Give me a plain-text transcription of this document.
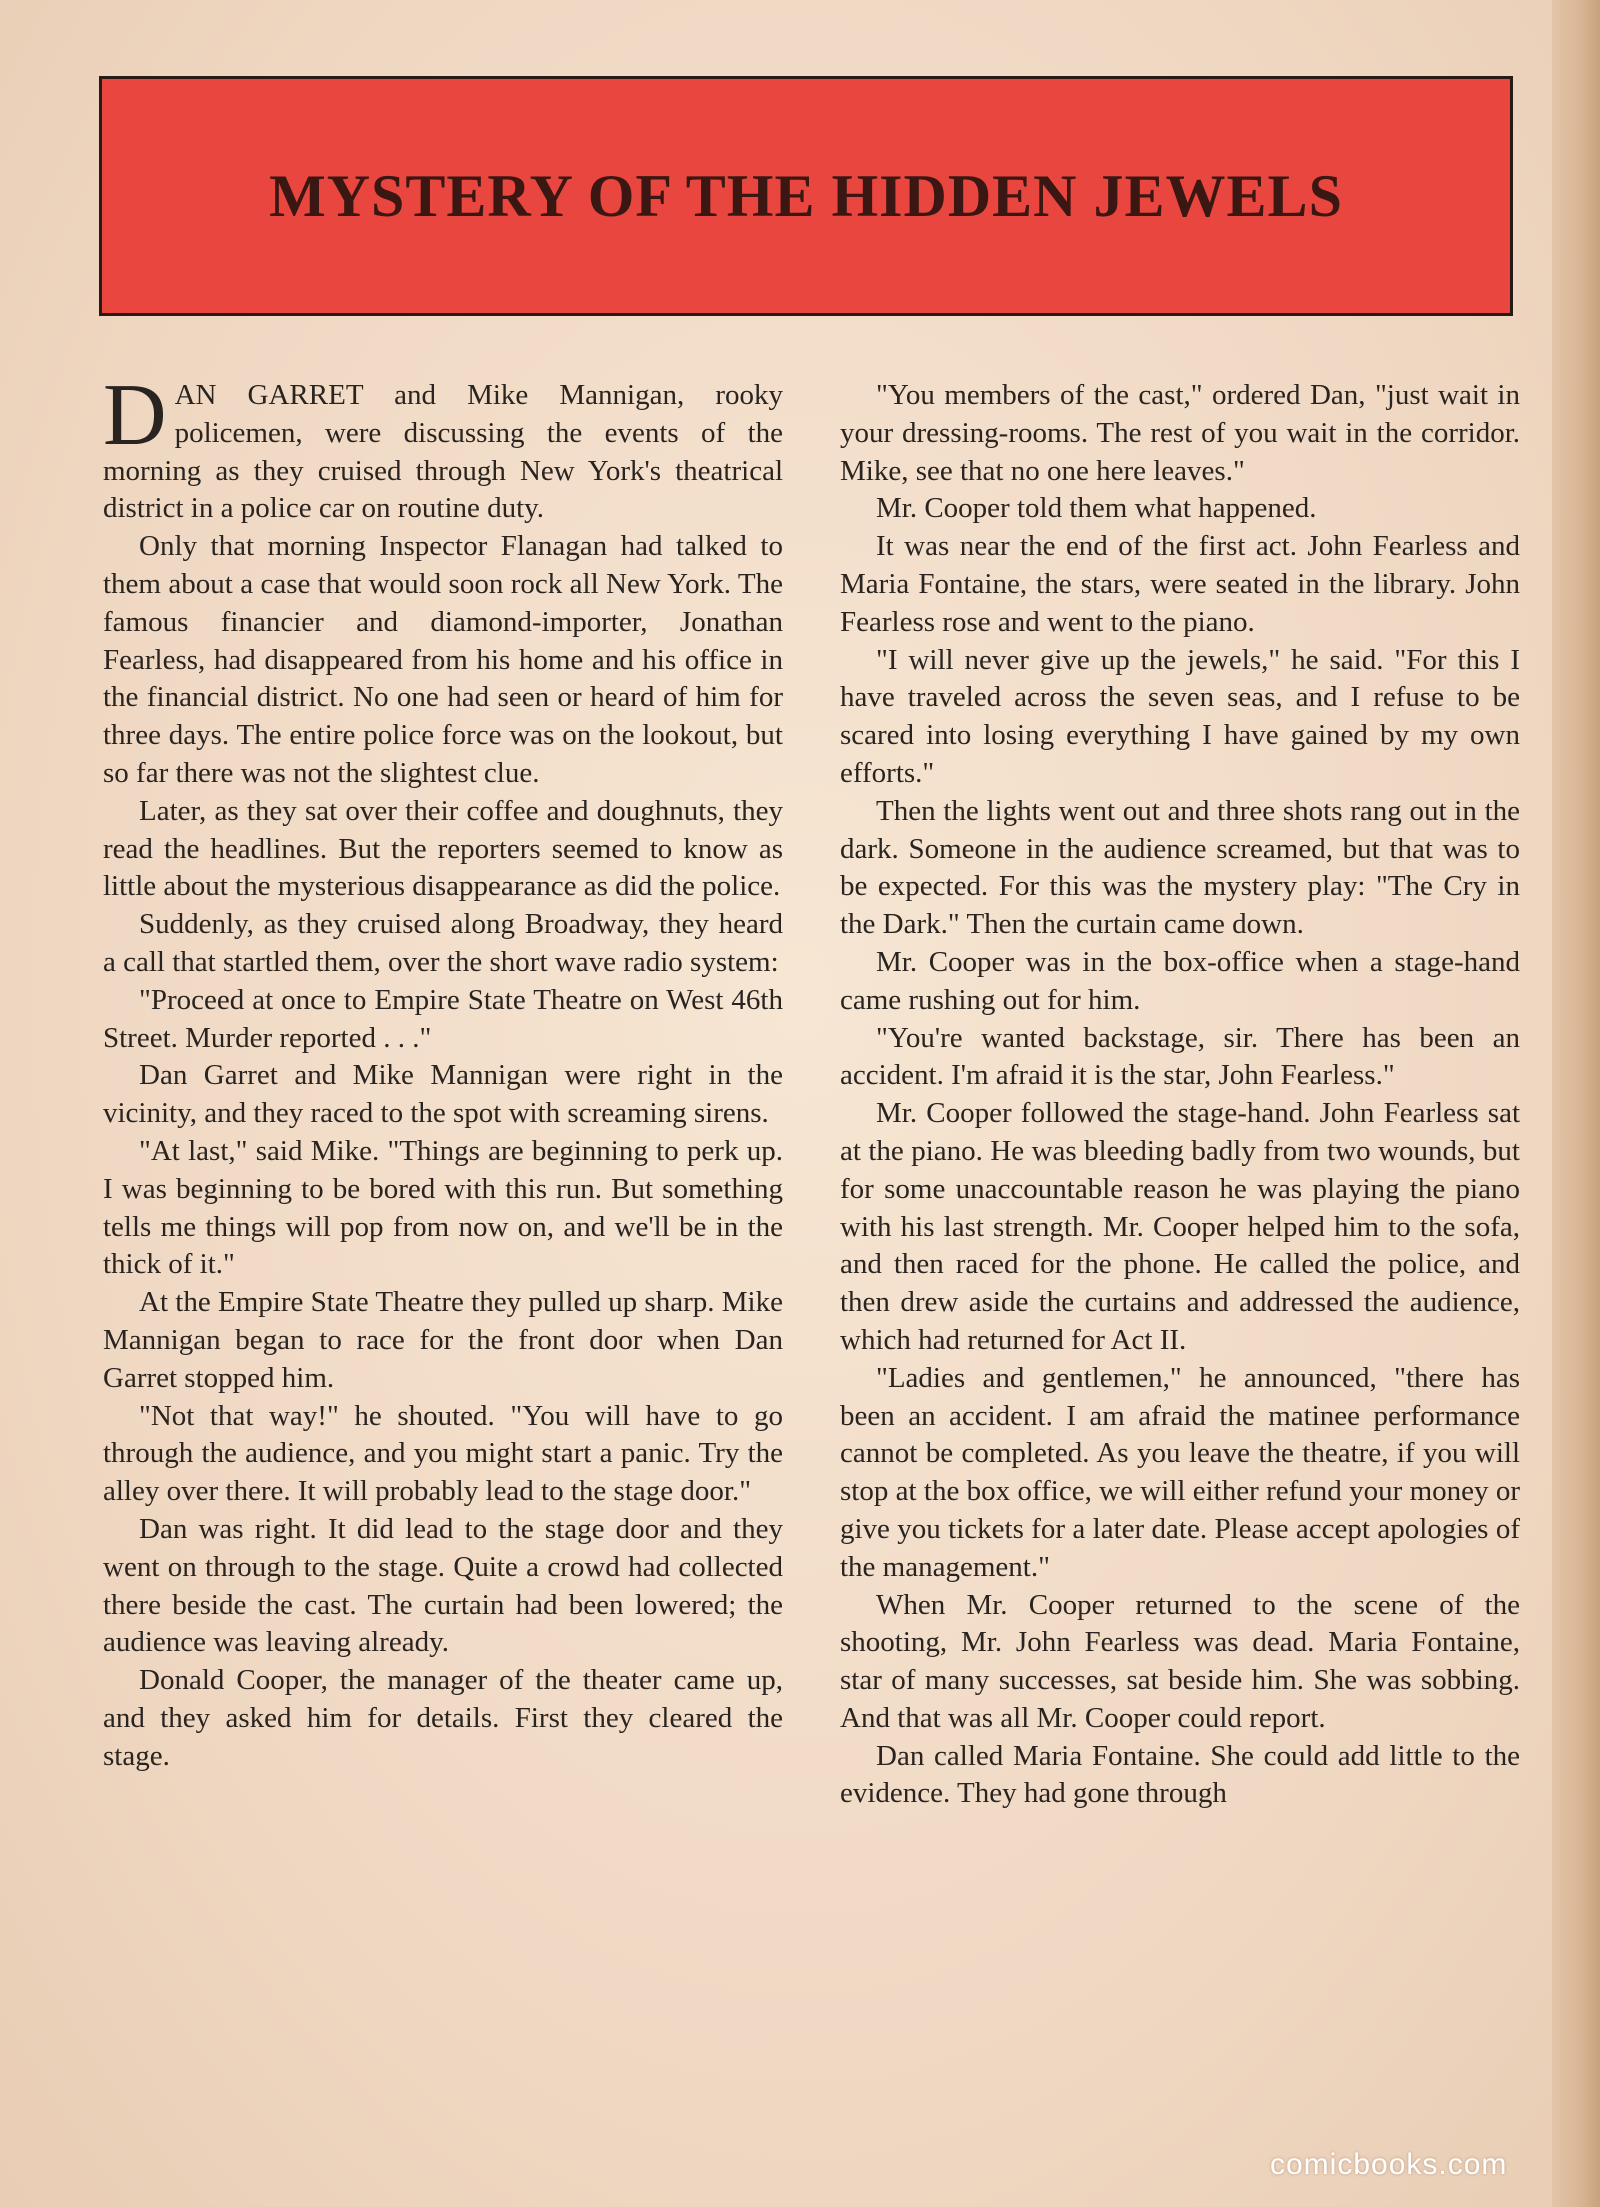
MYSTERY OF THE HIDDEN JEWELS

DAN GARRET and Mike Mannigan, rooky policemen, were discussing the events of the morning as they cruised through New York's theatrical district in a police car on routine duty.

Only that morning Inspector Flanagan had talked to them about a case that would soon rock all New York. The famous financier and diamond-importer, Jonathan Fearless, had disappeared from his home and his office in the financial district. No one had seen or heard of him for three days. The entire police force was on the lookout, but so far there was not the slightest clue.

Later, as they sat over their coffee and doughnuts, they read the headlines. But the reporters seemed to know as little about the mysterious disappearance as did the police.

Suddenly, as they cruised along Broadway, they heard a call that startled them, over the short wave radio system:

"Proceed at once to Empire State Theatre on West 46th Street. Murder reported . . ."

Dan Garret and Mike Mannigan were right in the vicinity, and they raced to the spot with screaming sirens.

"At last," said Mike. "Things are beginning to perk up. I was beginning to be bored with this run. But something tells me things will pop from now on, and we'll be in the thick of it."

At the Empire State Theatre they pulled up sharp. Mike Mannigan began to race for the front door when Dan Garret stopped him.

"Not that way!" he shouted. "You will have to go through the audience, and you might start a panic. Try the alley over there. It will probably lead to the stage door."

Dan was right. It did lead to the stage door and they went on through to the stage. Quite a crowd had collected there beside the cast. The curtain had been lowered; the audience was leaving already.

Donald Cooper, the manager of the theater came up, and they asked him for details. First they cleared the stage.

"You members of the cast," ordered Dan, "just wait in your dressing-rooms. The rest of you wait in the corridor. Mike, see that no one here leaves."

Mr. Cooper told them what happened.

It was near the end of the first act. John Fearless and Maria Fontaine, the stars, were seated in the library. John Fearless rose and went to the piano.

"I will never give up the jewels," he said. "For this I have traveled across the seven seas, and I refuse to be scared into losing everything I have gained by my own efforts."

Then the lights went out and three shots rang out in the dark. Someone in the audience screamed, but that was to be expected. For this was the mystery play: "The Cry in the Dark." Then the curtain came down.

Mr. Cooper was in the box-office when a stage-hand came rushing out for him.

"You're wanted backstage, sir. There has been an accident. I'm afraid it is the star, John Fearless."

Mr. Cooper followed the stage-hand. John Fearless sat at the piano. He was bleeding badly from two wounds, but for some unaccountable reason he was playing the piano with his last strength. Mr. Cooper helped him to the sofa, and then raced for the phone. He called the police, and then drew aside the curtains and addressed the audience, which had returned for Act II.

"Ladies and gentlemen," he announced, "there has been an accident. I am afraid the matinee performance cannot be completed. As you leave the theatre, if you will stop at the box office, we will either refund your money or give you tickets for a later date. Please accept apologies of the management."

When Mr. Cooper returned to the scene of the shooting, Mr. John Fearless was dead. Maria Fontaine, star of many successes, sat beside him. She was sobbing. And that was all Mr. Cooper could report.

Dan called Maria Fontaine. She could add little to the evidence. They had gone through

comicbooks.com
